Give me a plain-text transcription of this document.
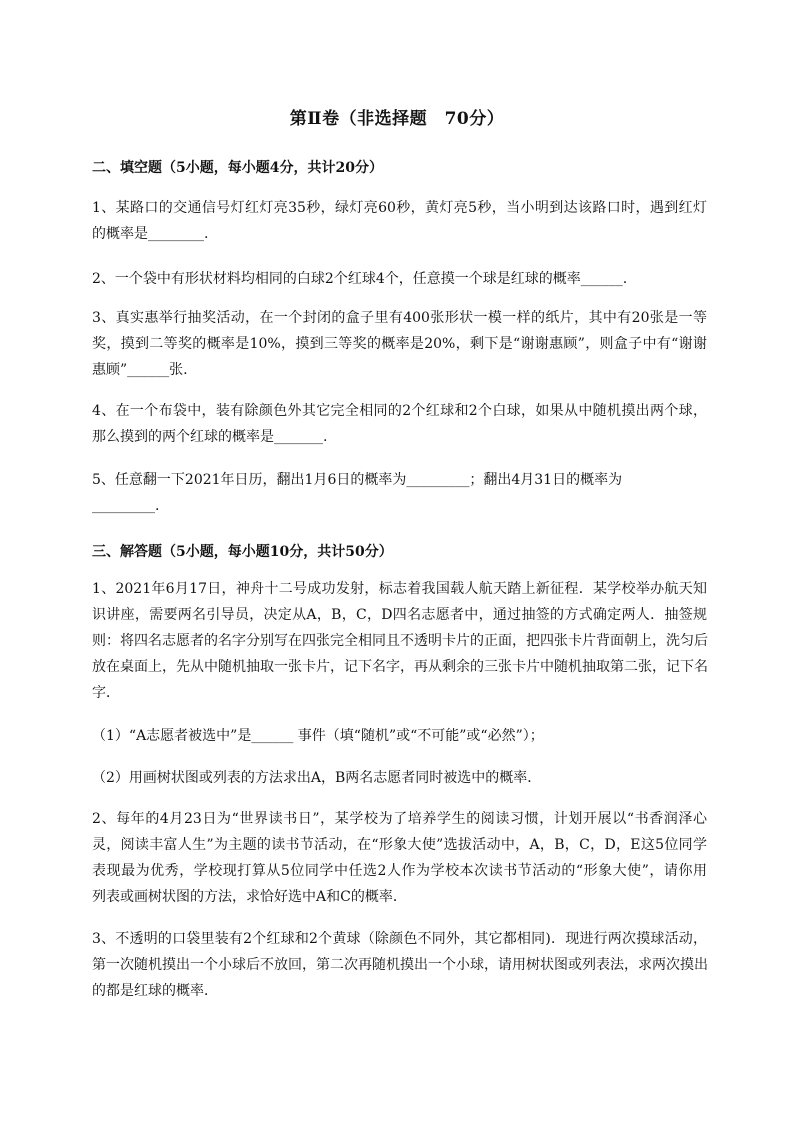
第Ⅱ卷（非选择题　70分）
二、填空题（5小题，每小题4分，共计20分）
1、某路口的交通信号灯红灯亮35秒，绿灯亮60秒，黄灯亮5秒，当小明到达该路口时，遇到红灯
的概率是________.
2、一个袋中有形状材料均相同的白球2个红球4个，任意摸一个球是红球的概率______.
3、真实惠举行抽奖活动，在一个封闭的盒子里有400张形状一模一样的纸片，其中有20张是一等
奖，摸到二等奖的概率是10%，摸到三等奖的概率是20%，剩下是“谢谢惠顾”，则盒子中有“谢谢
惠顾”______张.
4、在一个布袋中，装有除颜色外其它完全相同的2个红球和2个白球，如果从中随机摸出两个球，
那么摸到的两个红球的概率是_______.
5、任意翻一下2021年日历，翻出1月6日的概率为_________；翻出4月31日的概率为
_________.
三、解答题（5小题，每小题10分，共计50分）
1、2021年6月17日，神舟十二号成功发射，标志着我国载人航天踏上新征程．某学校举办航天知
识讲座，需要两名引导员，决定从A，B，C，D四名志愿者中，通过抽签的方式确定两人．抽签规
则：将四名志愿者的名字分别写在四张完全相同且不透明卡片的正面，把四张卡片背面朝上，洗匀后
放在桌面上，先从中随机抽取一张卡片，记下名字，再从剩余的三张卡片中随机抽取第二张，记下名
字．
（1）“A志愿者被选中”是______ 事件（填“随机”或“不可能”或“必然”）；
（2）用画树状图或列表的方法求出A，B两名志愿者同时被选中的概率．
2、每年的4月23日为“世界读书日”，某学校为了培养学生的阅读习惯，计划开展以“书香润泽心
灵，阅读丰富人生”为主题的读书节活动，在“形象大使”选拔活动中，A，B，C，D，E这5位同学
表现最为优秀，学校现打算从5位同学中任选2人作为学校本次读书节活动的“形象大使”，请你用
列表或画树状图的方法，求恰好选中A和C的概率．
3、不透明的口袋里装有2个红球和2个黄球（除颜色不同外，其它都相同)．现进行两次摸球活动，
第一次随机摸出一个小球后不放回，第二次再随机摸出一个小球，请用树状图或列表法，求两次摸出
的都是红球的概率．
